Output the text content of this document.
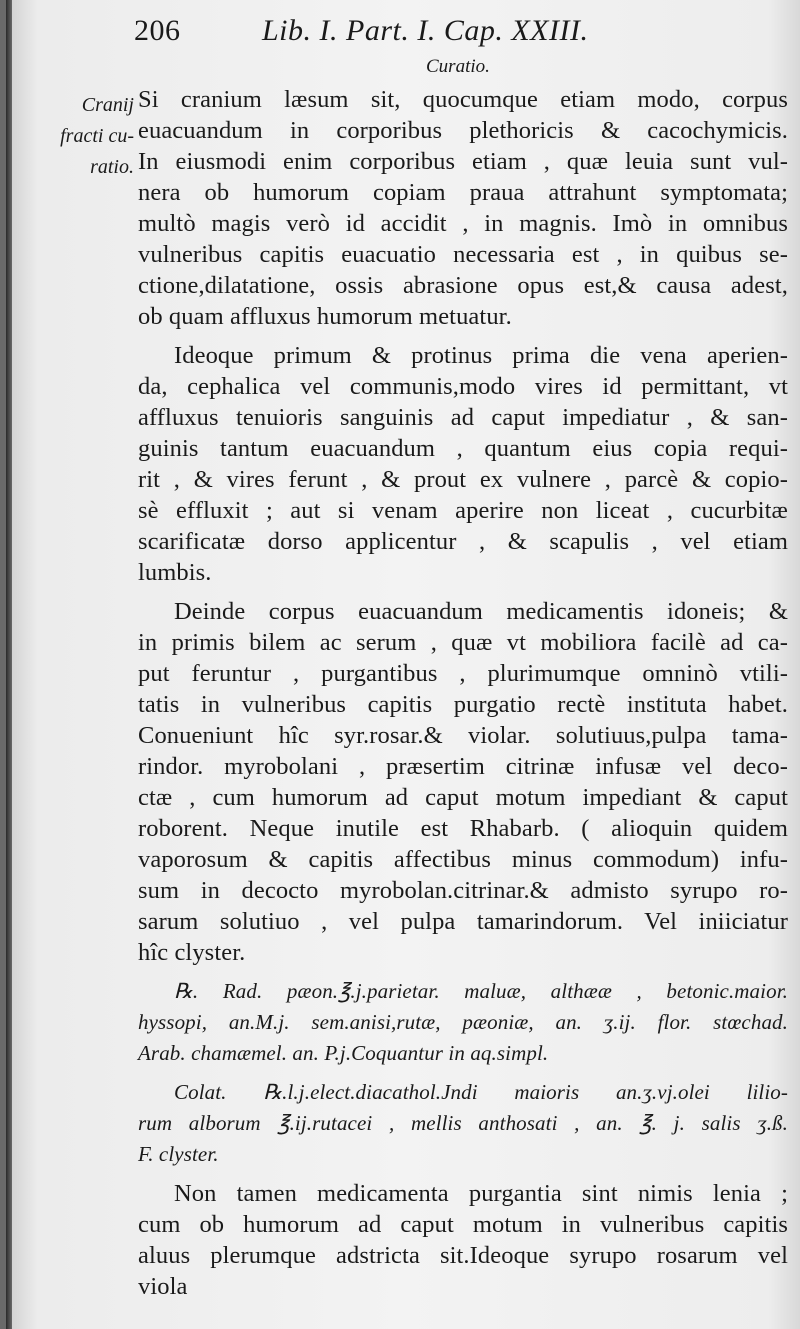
206	Lib. I. Part. I. Cap. XXIII.
Curatio.
Cranij
fracti cu-
ratio.
Si cranium læsum sit, quocumque etiam modo, corpus
euacuandum in corporibus plethoricis & cacochymicis.
In eiusmodi enim corporibus etiam , quæ leuia sunt vul-
nera ob humorum copiam praua attrahunt symptomata;
multò magis verò id accidit , in magnis. Imò in omnibus
vulneribus capitis euacuatio necessaria est , in quibus se-
ctione,dilatatione, ossis abrasione opus est,& causa adest,
ob quam affluxus humorum metuatur.
Ideoque primum & protinus prima die vena aperien-
da, cephalica vel communis,modo vires id permittant, vt
affluxus tenuioris sanguinis ad caput impediatur , & san-
guinis tantum euacuandum , quantum eius copia requi-
rit , & vires ferunt , & prout ex vulnere , parcè & copio-
sè effluxit ; aut si venam aperire non liceat , cucurbitæ
scarificatæ dorso applicentur , & scapulis , vel etiam
lumbis.
Deinde corpus euacuandum medicamentis idoneis; &
in primis bilem ac serum , quæ vt mobiliora facilè ad ca-
put feruntur , purgantibus , plurimumque omninò vtili-
tatis in vulneribus capitis purgatio rectè instituta habet.
Conueniunt hîc syr.rosar.& violar. solutiuus,pulpa tama-
rindor. myrobolani , præsertim citrinæ infusæ vel deco-
ctæ , cum humorum ad caput motum impediant & caput
roborent. Neque inutile est Rhabarb. ( alioquin quidem
vaporosum & capitis affectibus minus commodum) infu-
sum in decocto myrobolan.citrinar.& admisto syrupo ro-
sarum solutiuo , vel pulpa tamarindorum. Vel iniiciatur
hîc clyster.
℞. Rad. pæon.℥.j.parietar. maluæ, althææ , betonic.maior.
hyssopi, an.M.j. sem.anisi,rutæ, pæoniæ, an. ʒ.ij. flor. stœchad.
Arab. chamæmel. an. P.j.Coquantur in aq.simpl.
Colat. ℞.l.j.elect.diacathol.Jndi maioris an.ʒ.vj.olei lilio-
rum alborum ℥.ij.rutacei , mellis anthosati , an. ℥. j. salis ʒ.ß.
F. clyster.
Non tamen medicamenta purgantia sint nimis lenia ;
cum ob humorum ad caput motum in vulneribus capitis
aluus plerumque adstricta sit.Ideoque syrupo rosarum vel
viola
